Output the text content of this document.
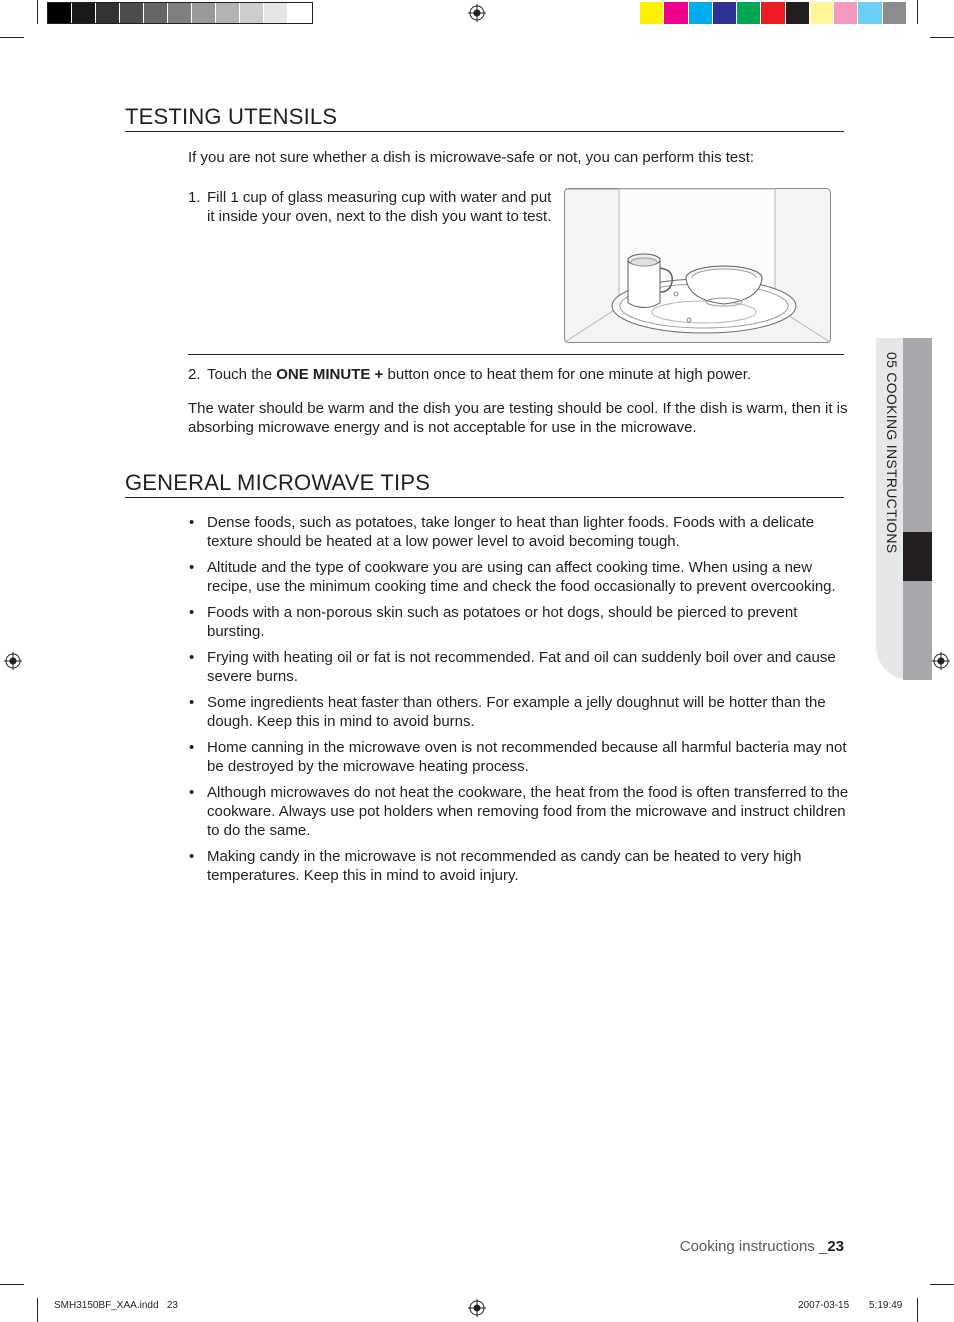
05 COOKING INSTRUCTIONS
TESTING UTENSILS

If you are not sure whether a dish is microwave-safe or not, you can perform this test:

1. Fill 1 cup of glass measuring cup with water and put it inside your oven, next to the dish you want to test.

2. Touch the ONE MINUTE + button once to heat them for one minute at high power.

The water should be warm and the dish you are testing should be cool. If the dish is warm, then it is absorbing microwave energy and is not acceptable for use in the microwave.

GENERAL MICROWAVE TIPS
• Dense foods, such as potatoes, take longer to heat than lighter foods. Foods with a delicate texture should be heated at a low power level to avoid becoming tough.
• Altitude and the type of cookware you are using can affect cooking time. When using a new recipe, use the minimum cooking time and check the food occasionally to prevent overcooking.
• Foods with a non-porous skin such as potatoes or hot dogs, should be pierced to prevent bursting.
• Frying with heating oil or fat is not recommended. Fat and oil can suddenly boil over and cause severe burns.
• Some ingredients heat faster than others. For example a jelly doughnut will be hotter than the dough. Keep this in mind to avoid burns.
• Home canning in the microwave oven is not recommended because all harmful bacteria may not be destroyed by the microwave heating process.
• Although microwaves do not heat the cookware, the heat from the food is often transferred to the cookware. Always use pot holders when removing food from the microwave and instruct children to do the same.
• Making candy in the microwave is not recommended as candy can be heated to very high temperatures. Keep this in mind to avoid injury.
Cooking instructions _23
SMH3150BF_XAA.indd   23	2007-03-15 5:19:49
